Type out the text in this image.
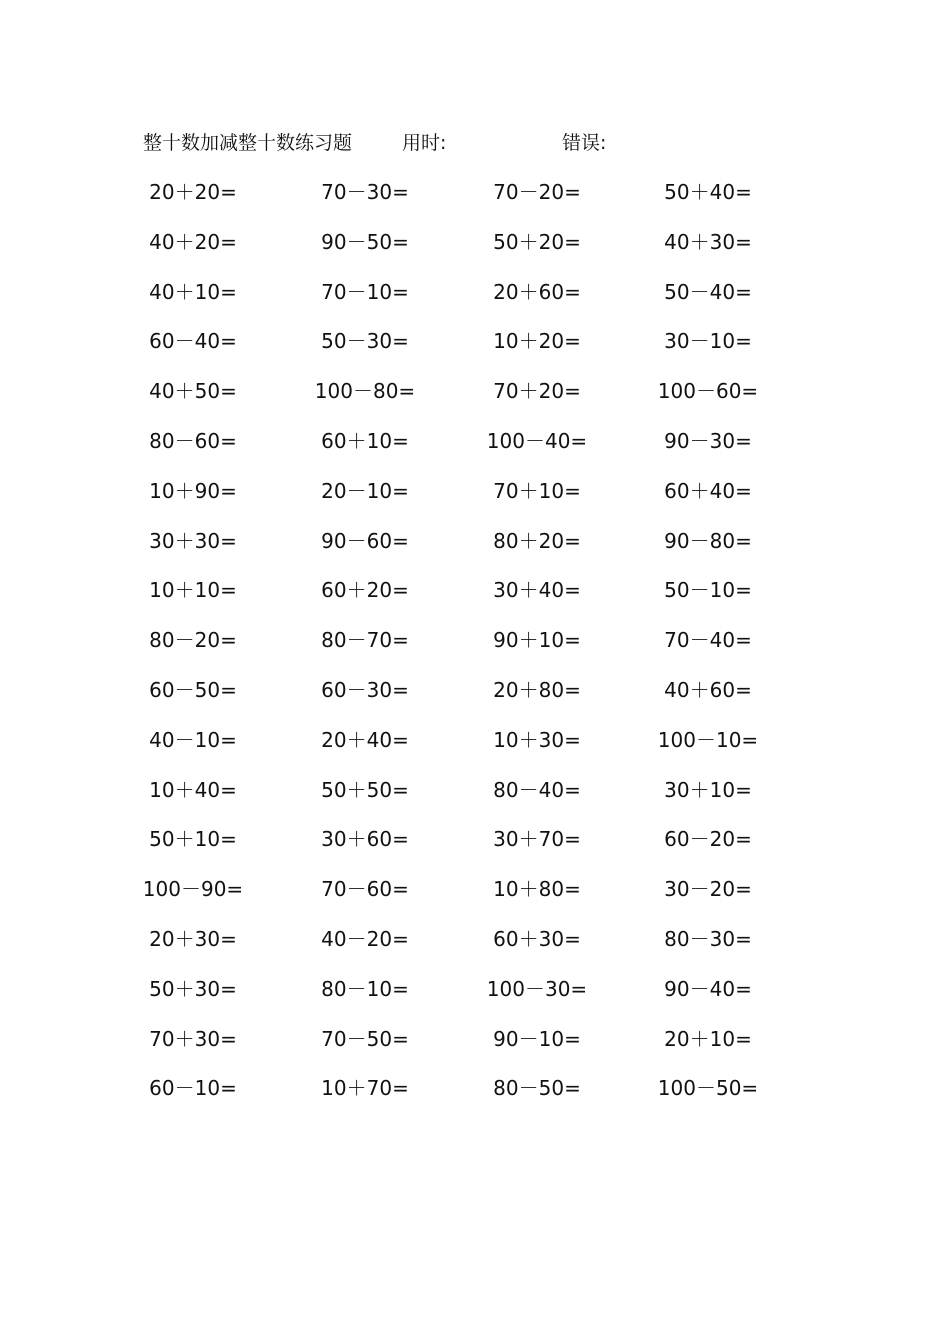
整十数加减整十数练习题	用时:	错误:
20＋20=	70－30=	70－20=	50＋40=
40＋20=	90－50=	50＋20=	40＋30=
40＋10=	70－10=	20＋60=	50－40=
60－40=	50－30=	10＋20=	30－10=
40＋50=	100－80=	70＋20=	100－60=
80－60=	60＋10=	100－40=	90－30=
10＋90=	20－10=	70＋10=	60＋40=
30＋30=	90－60=	80＋20=	90－80=
10＋10=	60＋20=	30＋40=	50－10=
80－20=	80－70=	90＋10=	70－40=
60－50=	60－30=	20＋80=	40＋60=
40－10=	20＋40=	10＋30=	100－10=
10＋40=	50＋50=	80－40=	30＋10=
50＋10=	30＋60=	30＋70=	60－20=
100－90=	70－60=	10＋80=	30－20=
20＋30=	40－20=	60＋30=	80－30=
50＋30=	80－10=	100－30=	90－40=
70＋30=	70－50=	90－10=	20＋10=
60－10=	10＋70=	80－50=	100－50=
